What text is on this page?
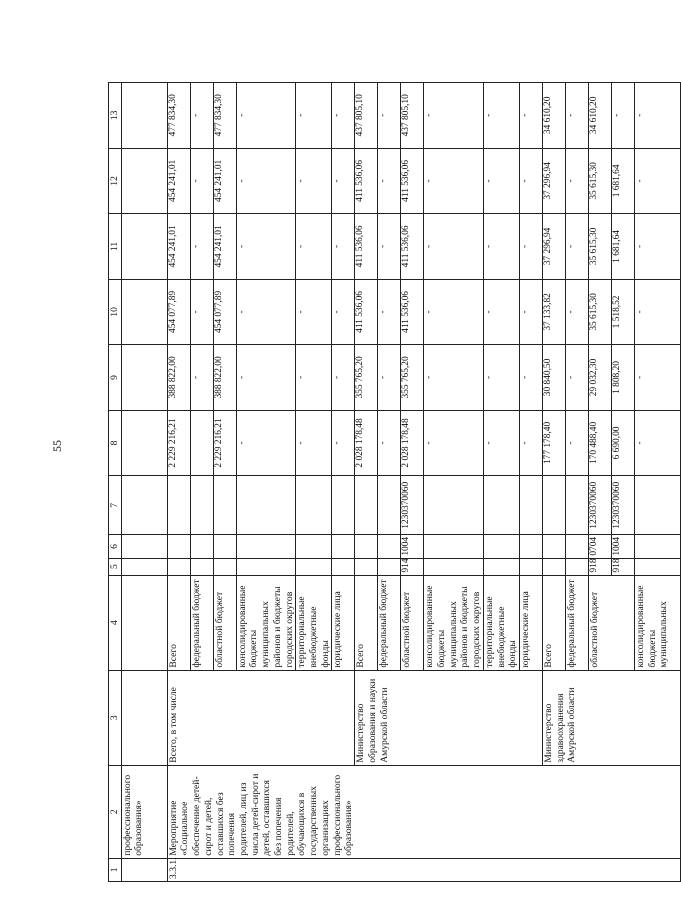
55
1	2	3	4	5	6	7	8	9	10	11	12	13
	профессионального образования»											
3.3.1.	Мероприятие «Социальное обеспечение детей-сирот и детей, оставшихся без попечения родителей, лиц из числа детей-сирот и детей, оставшихся без попечения родителей, обучающихся в государственных организациях профессионального образования»	Всего, в том числе	Всего				2 229 216,21	388 822,00	454 077,89	454 241,01	454 241,01	477 834,30
			федеральный бюджет					-	-	-	-	-
			областной бюджет				2 229 216,21	388 822,00	454 077,89	454 241,01	454 241,01	477 834,30
			консолидированные бюджеты муниципальных районов и бюджеты городских округов				-	-	-	-	-	-
			территориальные внебюджетные фонды				-	-	-	-	-	-
			юридические лица				-	-	-	-	-	-
		Министерство образования и науки Амурской области	Всего				2 028 178,48	355 765,20	411 536,06	411 536,06	411 536,06	437 805,10
			федеральный бюджет				-	-	-	-	-	-
			областной бюджет	914	1004	1230370060	2 028 178,48	355 765,20	411 536,06	411 536,06	411 536,06	437 805,10
			консолидированные бюджеты муниципальных районов и бюджеты городских округов				-	-	-	-	-	-
			территориальные внебюджетные фонды				-	-	-	-	-	-
			юридические лица				-	-	-	-	-	-
		Министерство здравоохранения Амурской области	Всего				177 178,40	30 840,50	37 133,82	37 296,94	37 296,94	34 610,20
			федеральный бюджет				-	-	-	-	-	-
			областной бюджет	918	0704	1230370060	170 488,40	29 032,30	35 615,30	35 615,30	35 615,30	34 610,20
				918	1004	1230370060	6 690,00	1 808,20	1 518,52	1 681,64	1 681,64	-
			консолидированные бюджеты муниципальных				-	-	-	-	-	-
